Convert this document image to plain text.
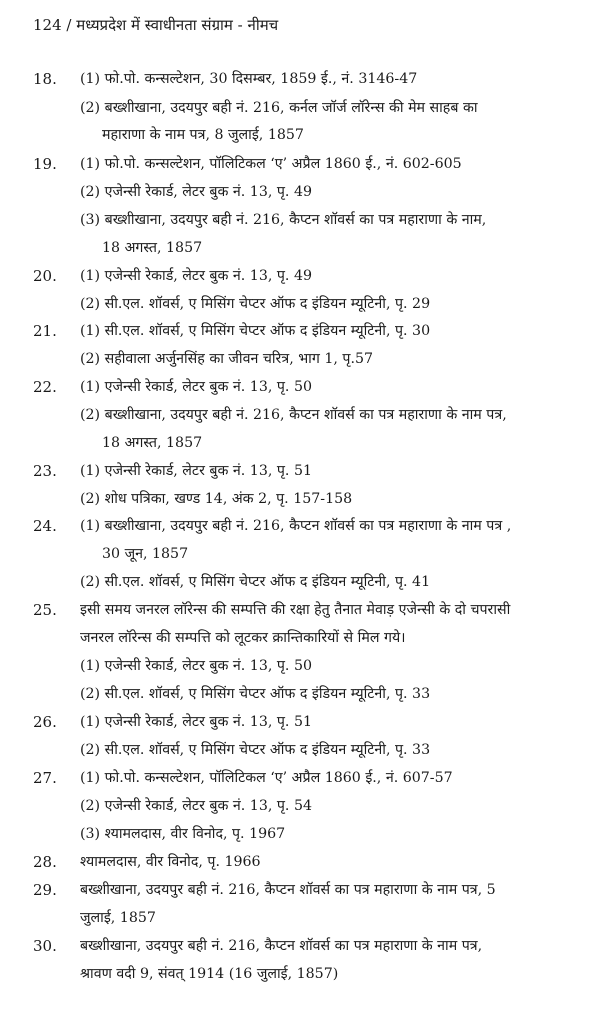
124 / मध्यप्रदेश में स्वाधीनता संग्राम - नीमच
18. (1) फो.पो. कन्सल्टेशन, 30 दिसम्बर, 1859 ई., नं. 3146-47
(2) बख्शीखाना, उदयपुर बही नं. 216, कर्नल जॉर्ज लॉरेन्स की मेम साहब का
महाराणा के नाम पत्र, 8 जुलाई, 1857
19. (1) फो.पो. कन्सल्टेशन, पॉलिटिकल ‘ए’ अप्रैल 1860 ई., नं. 602-605
(2) एजेन्सी रेकार्ड, लेटर बुक नं. 13, पृ. 49
(3) बख्शीखाना, उदयपुर बही नं. 216, कैप्टन शॉवर्स का पत्र महाराणा के नाम,
18 अगस्त, 1857
20. (1) एजेन्सी रेकार्ड, लेटर बुक नं. 13, पृ. 49
(2) सी.एल. शॉवर्स, ए मिसिंग चेप्टर ऑफ द इंडियन म्यूटिनी, पृ. 29
21. (1) सी.एल. शॉवर्स, ए मिसिंग चेप्टर ऑफ द इंडियन म्यूटिनी, पृ. 30
(2) सहीवाला अर्जुनसिंह का जीवन चरित्र, भाग 1, पृ.57
22. (1) एजेन्सी रेकार्ड, लेटर बुक नं. 13, पृ. 50
(2) बख्शीखाना, उदयपुर बही नं. 216, कैप्टन शॉवर्स का पत्र महाराणा के नाम पत्र,
18 अगस्त, 1857
23. (1) एजेन्सी रेकार्ड, लेटर बुक नं. 13, पृ. 51
(2) शोध पत्रिका, खण्ड 14, अंक 2, पृ. 157-158
24. (1) बख्शीखाना, उदयपुर बही नं. 216, कैप्टन शॉवर्स का पत्र महाराणा के नाम पत्र ,
30 जून, 1857
(2) सी.एल. शॉवर्स, ए मिसिंग चेप्टर ऑफ द इंडियन म्यूटिनी, पृ. 41
25. इसी समय जनरल लॉरेन्स की सम्पत्ति की रक्षा हेतु तैनात मेवाड़ एजेन्सी के दो चपरासी
जनरल लॉरेन्स की सम्पत्ति को लूटकर क्रान्तिकारियों से मिल गये।
(1) एजेन्सी रेकार्ड, लेटर बुक नं. 13, पृ. 50
(2) सी.एल. शॉवर्स, ए मिसिंग चेप्टर ऑफ द इंडियन म्यूटिनी, पृ. 33
26. (1) एजेन्सी रेकार्ड, लेटर बुक नं. 13, पृ. 51
(2) सी.एल. शॉवर्स, ए मिसिंग चेप्टर ऑफ द इंडियन म्यूटिनी, पृ. 33
27. (1) फो.पो. कन्सल्टेशन, पॉलिटिकल ‘ए’ अप्रैल 1860 ई., नं. 607-57
(2) एजेन्सी रेकार्ड, लेटर बुक नं. 13, पृ. 54
(3) श्यामलदास, वीर विनोद, पृ. 1967
28. श्यामलदास, वीर विनोद, पृ. 1966
29. बख्शीखाना, उदयपुर बही नं. 216, कैप्टन शॉवर्स का पत्र महाराणा के नाम पत्र, 5
जुलाई, 1857
30. बख्शीखाना, उदयपुर बही नं. 216, कैप्टन शॉवर्स का पत्र महाराणा के नाम पत्र,
श्रावण वदी 9, संवत् 1914 (16 जुलाई, 1857)
